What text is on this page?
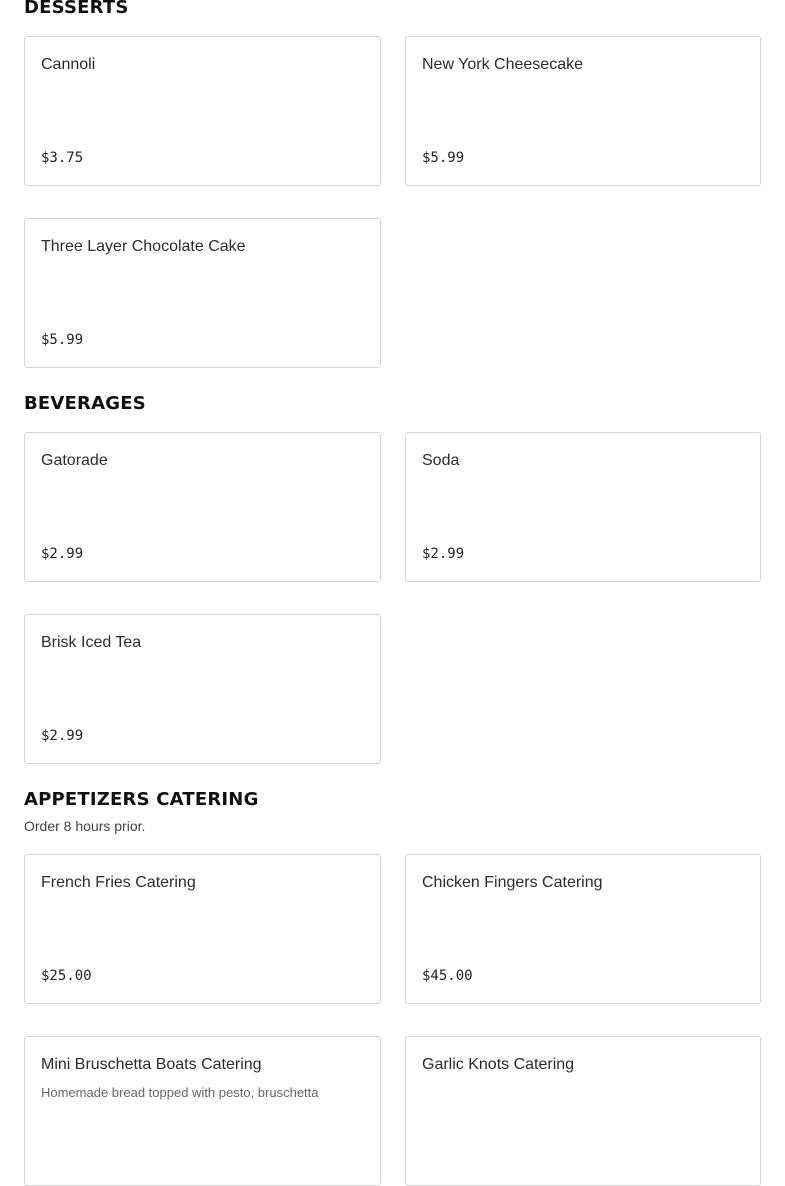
DESSERTS
Cannoli
$3.75
New York Cheesecake
$5.99
Three Layer Chocolate Cake
$5.99
BEVERAGES
Gatorade
$2.99
Soda
$2.99
Brisk Iced Tea
$2.99
APPETIZERS CATERING

Order 8 hours prior.

French Fries Catering
$25.00
Chicken Fingers Catering
$45.00
Mini Bruschetta Boats Catering
Homemade bread topped with pesto, bruschetta
Garlic Knots Catering
